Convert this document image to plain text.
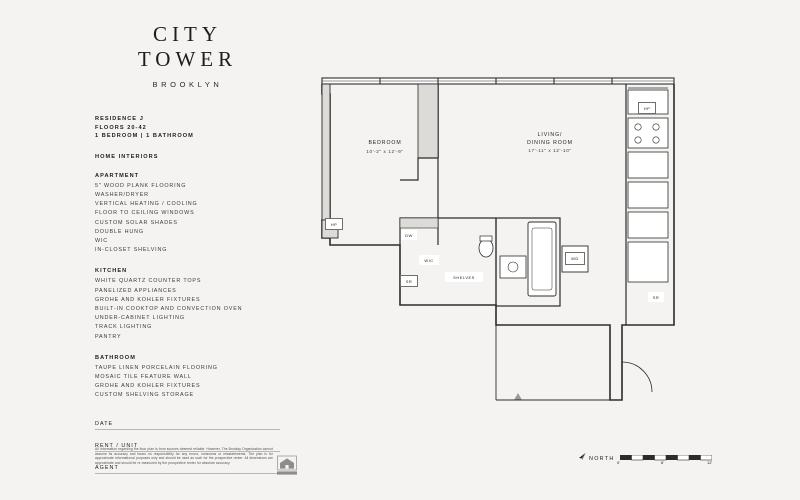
CITY
TOWER
BROOKLYN
RESIDENCE J
FLOORS 20-42
1 BEDROOM | 1 BATHROOM
HOME INTERIORS
APARTMENT
5" WOOD PLANK FLOORING
WASHER/DRYER
VERTICAL HEATING / COOLING
FLOOR TO CEILING WINDOWS
CUSTOM SOLAR SHADES
DOUBLE HUNG
WIC
IN-CLOSET SHELVING
KITCHEN
WHITE QUARTZ COUNTER TOPS
PANELIZED APPLIANCES
GROHE AND KOHLER FIXTURES
BUILT-IN COOKTOP AND CONVECTION OVEN
UNDER-CABINET LIGHTING
TRACK LIGHTING
PANTRY
BATHROOM
TAUPE LINEN PORCELAIN FLOORING
MOSAIC TILE FEATURE WALL
GROHE AND KOHLER FIXTURES
CUSTOM SHELVING STORAGE
DATE
RENT / UNIT
AGENT
All information regarding the floor plan is from sources deemed reliable. However, The Brodsky Organization cannot assume its accuracy and bears no responsibility for any errors, omissions or misstatements. The plan is for approximate informational purposes only and should be used as such for the prospective renter. All dimensions are approximate and should be re-measured by the prospective renter for absolute accuracy.
BEDROOM
10'-2" x 12'-9"
LIVING/
DINING ROOM
17'-11" x 12'-10"
HP
HP
WD
DW
WIC
SHELVES
SR
SR
NORTH
0'	6'	12'
